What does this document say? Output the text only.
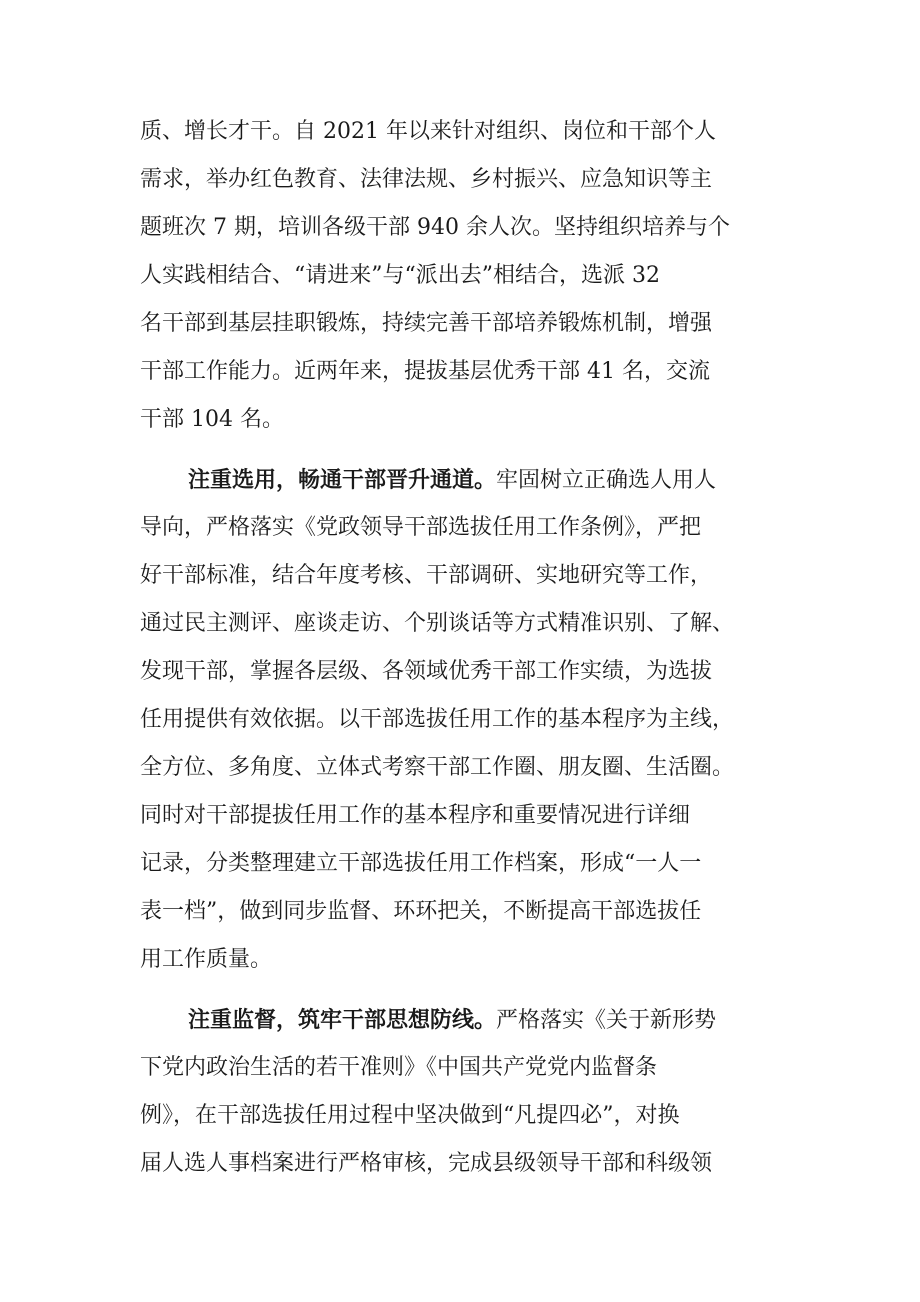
质、增长才干。自 2021 年以来针对组织、岗位和干部个人
需求，举办红色教育、法律法规、乡村振兴、应急知识等主
题班次 7 期，培训各级干部 940 余人次。坚持组织培养与个
人实践相结合、“请进来”与“派出去”相结合，选派 32
名干部到基层挂职锻炼，持续完善干部培养锻炼机制，增强
干部工作能力。近两年来，提拔基层优秀干部 41 名，交流
干部 104 名。
注重选用，畅通干部晋升通道。牢固树立正确选人用人
导向，严格落实《党政领导干部选拔任用工作条例》，严把
好干部标准，结合年度考核、干部调研、实地研究等工作，
通过民主测评、座谈走访、个别谈话等方式精准识别、了解、
发现干部，掌握各层级、各领域优秀干部工作实绩，为选拔
任用提供有效依据。以干部选拔任用工作的基本程序为主线，
全方位、多角度、立体式考察干部工作圈、朋友圈、生活圈。
同时对干部提拔任用工作的基本程序和重要情况进行详细
记录，分类整理建立干部选拔任用工作档案，形成“一人一
表一档”，做到同步监督、环环把关，不断提高干部选拔任
用工作质量。
注重监督，筑牢干部思想防线。严格落实《关于新形势
下党内政治生活的若干准则》《中国共产党党内监督条
例》，在干部选拔任用过程中坚决做到“凡提四必”，对换
届人选人事档案进行严格审核，完成县级领导干部和科级领
